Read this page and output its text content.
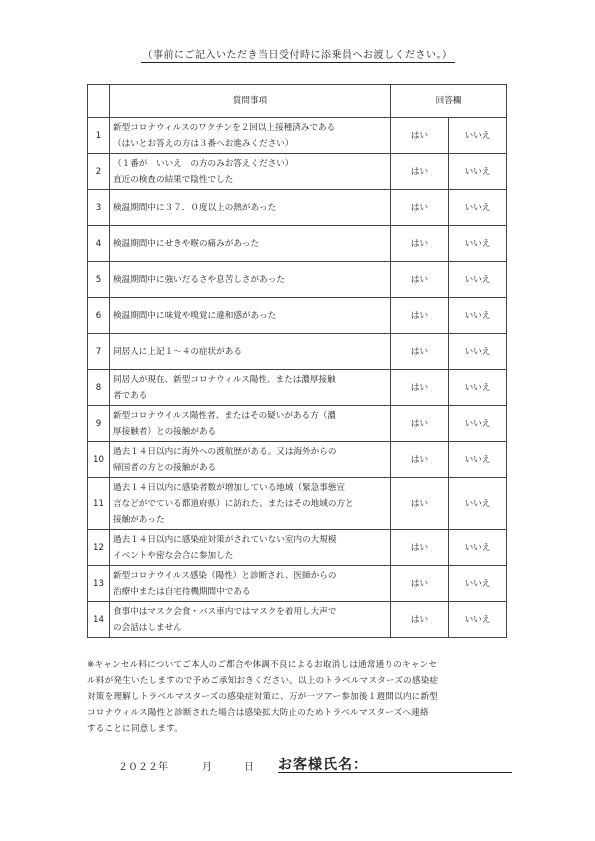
（事前にご記入いただき当日受付時に添乗員へお渡しください。）
	質問事項	回答欄	
1	新型コロナウィルスのワクチンを２回以上接種済みである
（はいとお答えの方は３番へお進みください）	はい	いいえ
2	（１番が　いいえ　の方のみお答えください）
直近の検査の結果で陰性でした	はい	いいえ
3	検温期間中に３７．０度以上の熱があった	はい	いいえ
4	検温期間中にせきや喉の痛みがあった	はい	いいえ
5	検温期間中に強いだるさや息苦しさがあった	はい	いいえ
6	検温期間中に味覚や嗅覚に違和感があった	はい	いいえ
7	同居人に上記１～４の症状がある	はい	いいえ
8	同居人が現在、新型コロナウィルス陽性、または濃厚接触
者である	はい	いいえ
9	新型コロナウイルス陽性者、またはその疑いがある方（濃
厚接触者）との接触がある	はい	いいえ
10	過去１４日以内に海外への渡航歴がある。又は海外からの
帰国者の方との接触がある	はい	いいえ
11	過去１４日以内に感染者数が増加している地域（緊急事態宣
言などがでている都道府県）に訪れた、またはその地域の方と
接触があった	はい	いいえ
12	過去１４日以内に感染症対策がされていない室内の大規模
イベントや密な会合に参加した	はい	いいえ
13	新型コロナウイルス感染（陽性）と診断され、医師からの
治療中または自宅待機期間中である	はい	いいえ
14	食事中はマスク会食・バス車内ではマスクを着用し大声で
の会話はしません	はい	いいえ
※キャンセル料についてご本人のご都合や体調不良によるお取消しは通常通りのキャンセ
ル料が発生いたしますので予めご承知おきください。以上のトラベルマスターズの感染症
対策を理解しトラベルマスターズの感染症対策に、万が一ツアー参加後１週間以内に新型
コロナウィルス陽性と診断された場合は感染拡大防止のためトラベルマスターズへ連絡
することに同意します。
２０２２年	月	日 お客様氏名：
